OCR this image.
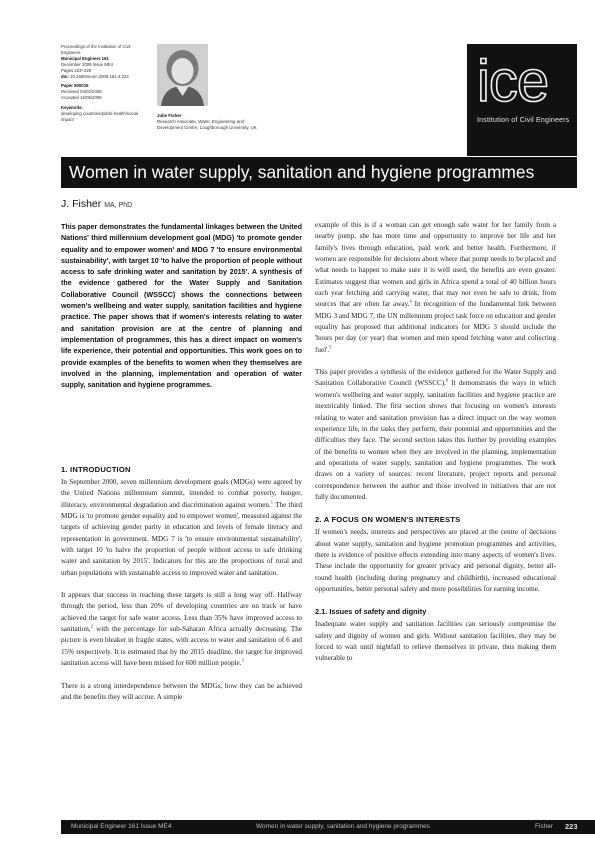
Proceedings of the Institution of Civil Engineers
Municipal Engineer 161
December 2008 Issue ME4
Pages 223–229
doi: 10.1680/muen.2008.161.4.223
Paper 800016
Received 04/02/2008
Accepted 16/05/2008
Keywords:
developing countries/public health/social impact
Julie Fisher
Research Associate, Water, Engineering and Development Centre, Loughborough University, UK
ice
Institution of Civil Engineers
Women in water supply, sanitation and hygiene programmes
J. Fisher MA, PhD
This paper demonstrates the fundamental linkages between the United Nations' third millennium development goal (MDG) 'to promote gender equality and to empower women' and MDG 7 'to ensure environmental sustainability', with target 10 'to halve the proportion of people without access to safe drinking water and sanitation by 2015'. A synthesis of the evidence gathered for the Water Supply and Sanitation Collaborative Council (WSSCC) shows the connections between women's wellbeing and water supply, sanitation facilities and hygiene practice. The paper shows that if women's interests relating to water and sanitation provision are at the centre of planning and implementation of programmes, this has a direct impact on women's life experience, their potential and opportunities. This work goes on to provide examples of the benefits to women when they themselves are involved in the planning, implementation and operation of water supply, sanitation and hygiene programmes.
1. INTRODUCTION

In September 2000, seven millennium development goals (MDGs) were agreed by the United Nations millennium summit, intended to combat poverty, hunger, illiteracy, environmental degradation and discrimination against women.$^1$ The third MDG is 'to promote gender equality and to empower women', measured against the targets of achieving gender parity in education and levels of female literacy and representation in government. MDG 7 is 'to ensure environmental sustainability', with target 10 'to halve the proportion of people without access to safe drinking water and sanitation by 2015'. Indicators for this are the proportions of rural and urban populations with sustainable access to improved water and sanitation.

It appears that success in reaching these targets is still a long way off. Halfway through the period, less than 20% of developing countries are on track or have achieved the target for safe water access. Less than 35% have improved access to sanitation,$^2$ with the percentage for sub-Saharan Africa actually decreasing. The picture is even bleaker in fragile states, with access to water and sanitation of 6 and 15% respectively. It is estimated that by the 2015 deadline, the target for improved sanitation access will have been missed for 600 million people.$^3$

There is a strong interdependence between the MDGs, how they can be achieved and the benefits they will accrue. A simple

example of this is if a woman can get enough safe water for her family from a nearby pump, she has more time and opportunity to improve her life and her family's lives through education, paid work and better health. Furthermore, if women are responsible for decisions about where that pump needs to be placed and what needs to happen to make sure it is well used, the benefits are even greater. Estimates suggest that women and girls in Africa spend a total of 40 billion hours each year fetching and carrying water, that may not even be safe to drink, from sources that are often far away.$^4$ In recognition of the fundamental link between MDG 3 and MDG 7, the UN millennium project task force on education and gender equality has proposed that additional indicators for MDG 3 should include the 'hours per day (or year) that women and men spend fetching water and collecting fuel'.$^5$

This paper provides a synthesis of the evidence gathered for the Water Supply and Sanitation Collaborative Council (WSSCC).$^6$ It demonstrates the ways in which women's wellbeing and water supply, sanitation facilities and hygiene practice are inextricably linked. The first section shows that focusing on women's interests relating to water and sanitation provision has a direct impact on the way women experience life, in the tasks they perform, their potential and opportunities and the difficulties they face. The second section takes this further by providing examples of the benefits to women when they are involved in the planning, implementation and operations of water supply, sanitation and hygiene programmes. The work draws on a variety of sources: recent literature, project reports and personal correspondence between the author and those involved in initiatives that are not fully documented.

2. A FOCUS ON WOMEN'S INTERESTS

If women's needs, interests and perspectives are placed at the centre of decisions about water supply, sanitation and hygiene promotion programmes and activities, there is evidence of positive effects extending into many aspects of women's lives. These include the opportunity for greater privacy and personal dignity, better all-round health (including during pregnancy and childbirth), increased educational opportunities, better personal safety and more possibilities for earning income.

2.1. Issues of safety and dignity

Inadequate water supply and sanitation facilities can seriously compromise the safety and dignity of women and girls. Without sanitation facilities, they may be forced to wait until nightfall to relieve themselves in private, thus making them vulnerable to

Municipal Engineer 161 Issue ME4	Women in water supply, sanitation and hygiene programmes	Fisher 223
